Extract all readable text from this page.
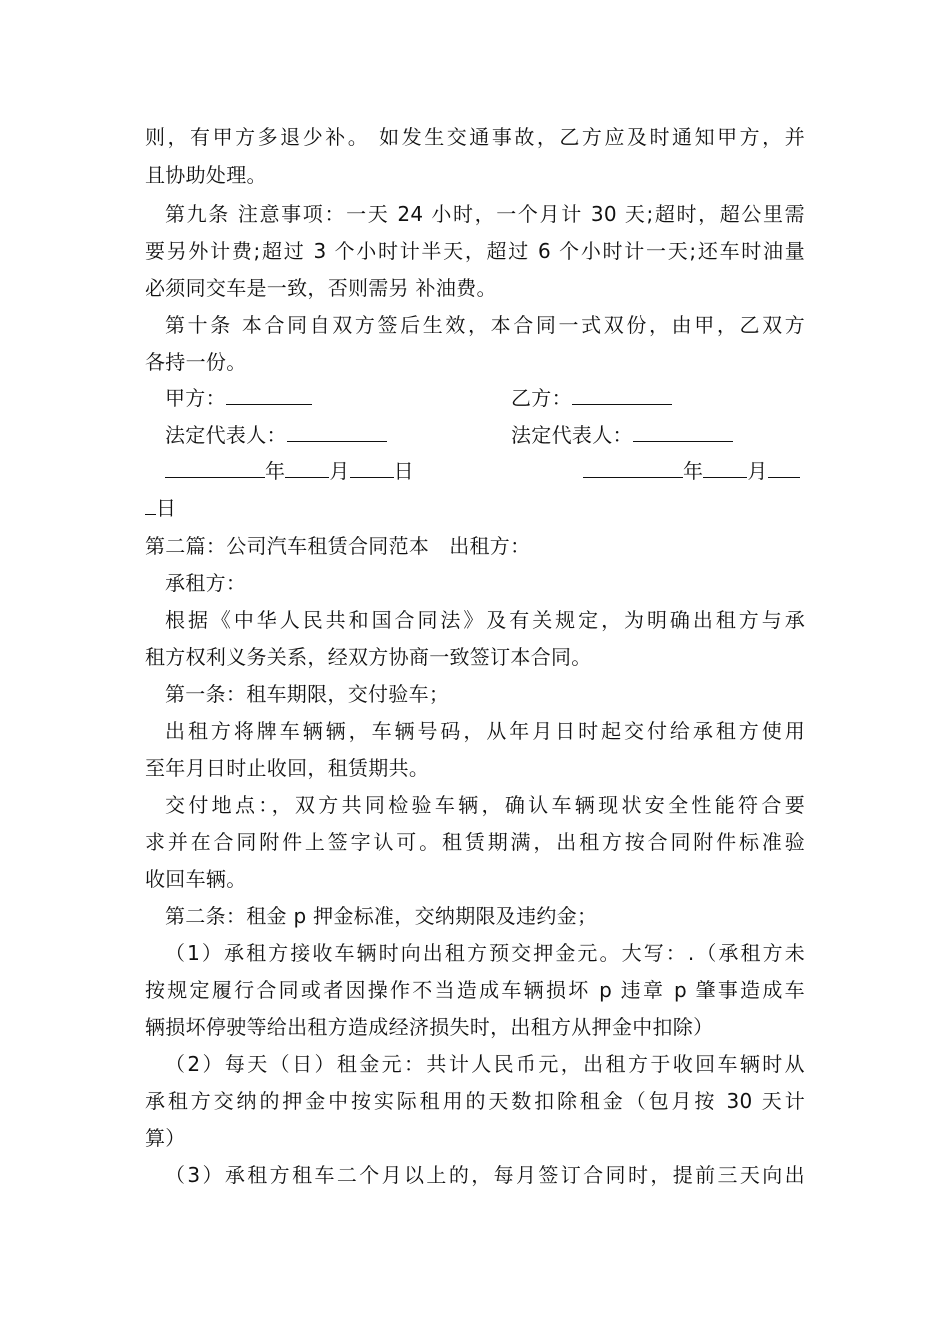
则，有甲方多退少补。 如发生交通事故，乙方应及时通知甲方，并
且协助处理。
第九条 注意事项：一天 24 小时，一个月计 30 天;超时，超公里需
要另外计费;超过 3 个小时计半天，超过 6 个小时计一天;还车时油量
必须同交车是一致，否则需另 补油费。
第十条 本合同自双方签后生效，本合同一式双份，由甲，乙双方
各持一份。
甲方：	乙方：
法定代表人：	法定代表人：
年 月 日	年 月
日
第二篇：公司汽车租赁合同范本 出租方：
承租方：
根据《中华人民共和国合同法》及有关规定，为明确出租方与承
租方权利义务关系，经双方协商一致签订本合同。
第一条：租车期限，交付验车；
出租方将牌车辆辆，车辆号码，从年月日时起交付给承租方使用
至年月日时止收回，租赁期共。
交付地点：，双方共同检验车辆，确认车辆现状安全性能符合要
求并在合同附件上签字认可。租赁期满，出租方按合同附件标准验
收回车辆。
第二条：租金 p 押金标准，交纳期限及违约金；
（1）承租方接收车辆时向出租方预交押金元。大写：.（承租方未
按规定履行合同或者因操作不当造成车辆损坏 p 违章 p 肇事造成车
辆损坏停驶等给出租方造成经济损失时，出租方从押金中扣除）
（2）每天（日）租金元：共计人民币元，出租方于收回车辆时从
承租方交纳的押金中按实际租用的天数扣除租金（包月按 30 天计
算）
（3）承租方租车二个月以上的，每月签订合同时，提前三天向出
